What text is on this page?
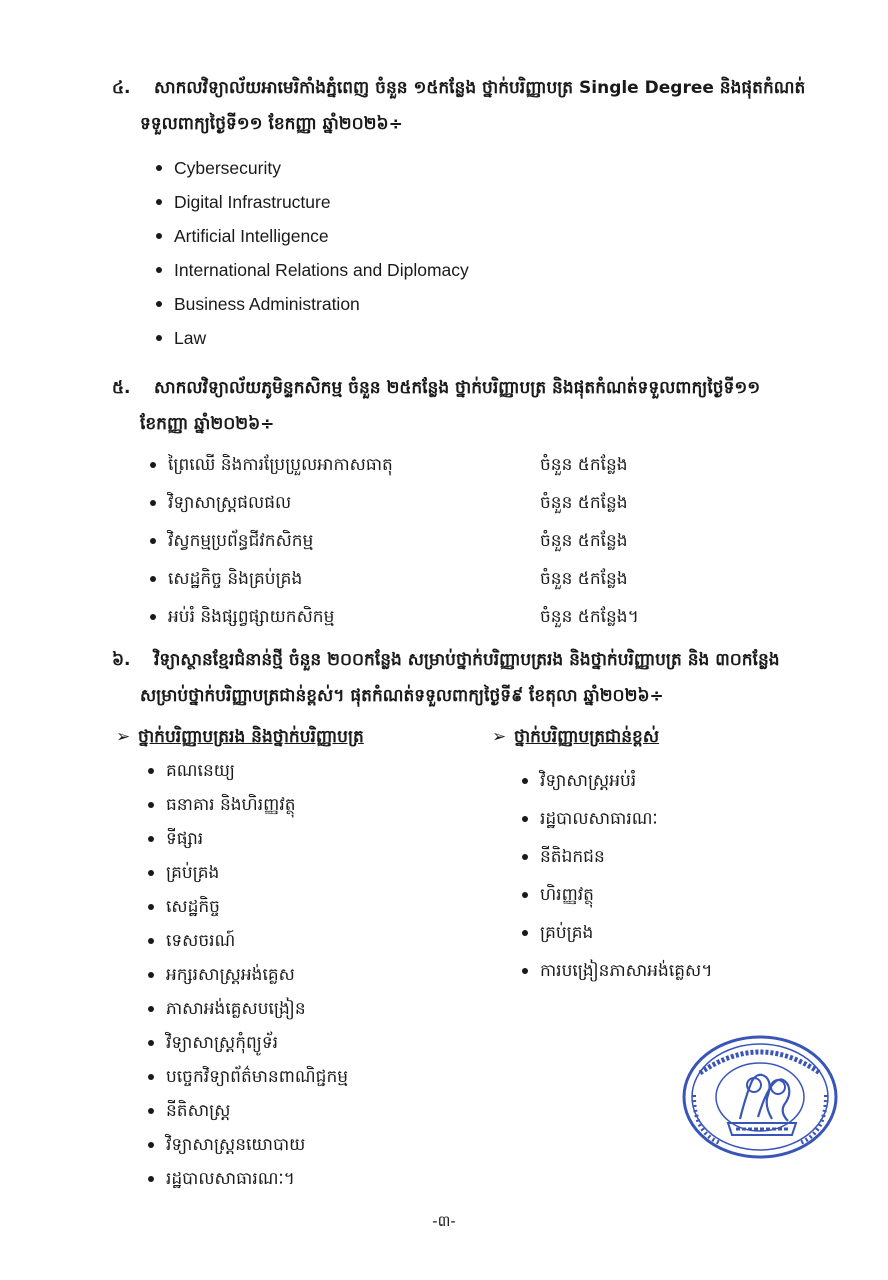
៤.	សាកលវិទ្យាល័យអាមេរិកាំងភ្នំពេញ ចំនួន ១៥កន្លែង ថ្នាក់បរិញ្ញាបត្រ Single Degree និងផុតកំណត់
ទទួលពាក្យថ្ងៃទី១១ ខែកញ្ញា ឆ្នាំ២០២៦÷
Cybersecurity
Digital Infrastructure
Artificial Intelligence
International Relations and Diplomacy
Business Administration
Law
៥.	សាកលវិទ្យាល័យភូមិន្ទកសិកម្ម ចំនួន ២៥កន្លែង ថ្នាក់បរិញ្ញាបត្រ និងផុតកំណត់ទទួលពាក្យថ្ងៃទី១១
ខែកញ្ញា ឆ្នាំ២០២៦÷
ព្រៃឈើ និងការប្រែប្រួលអាកាសធាតុ	ចំនួន ៥កន្លែង
វិទ្យាសាស្ត្រផលផល	ចំនួន ៥កន្លែង
វិស្វកម្មប្រព័ន្ធជីវកសិកម្ម	ចំនួន ៥កន្លែង
សេដ្ឋកិច្ច និងគ្រប់គ្រង	ចំនួន ៥កន្លែង
អប់រំ និងផ្សព្វផ្សាយកសិកម្ម	ចំនួន ៥កន្លែង។
៦.	វិទ្យាស្ថានខ្មែរជំនាន់ថ្មី ចំនួន ២០០កន្លែង សម្រាប់ថ្នាក់បរិញ្ញាបត្ររង និងថ្នាក់បរិញ្ញាបត្រ និង ៣០កន្លែង
សម្រាប់ថ្នាក់បរិញ្ញាបត្រជាន់ខ្ពស់។ ផុតកំណត់ទទួលពាក្យថ្ងៃទី៩ ខែតុលា ឆ្នាំ២០២៦÷
➢ ថ្នាក់បរិញ្ញាបត្ររង និងថ្នាក់បរិញ្ញាបត្រ	➢ ថ្នាក់បរិញ្ញាបត្រជាន់ខ្ពស់
គណនេយ្យ
ធនាគារ និងហិរញ្ញវត្ថុ
ទីផ្សារ
គ្រប់គ្រង
សេដ្ឋកិច្ច
ទេសចរណ៍
អក្សរសាស្ត្រអង់គ្លេស
ភាសាអង់គ្លេសបង្រៀន
វិទ្យាសាស្ត្រកុំព្យូទ័រ
បច្ចេកវិទ្យាព័ត៌មានពាណិជ្ជកម្ម
នីតិសាស្ត្រ
វិទ្យាសាស្ត្រនយោបាយ
រដ្ឋបាលសាធារណៈ។
វិទ្យាសាស្ត្រអប់រំ
រដ្ឋបាលសាធារណៈ
នីតិឯកជន
ហិរញ្ញវត្ថុ
គ្រប់គ្រង
ការបង្រៀនភាសាអង់គ្លេស។
-៣-
